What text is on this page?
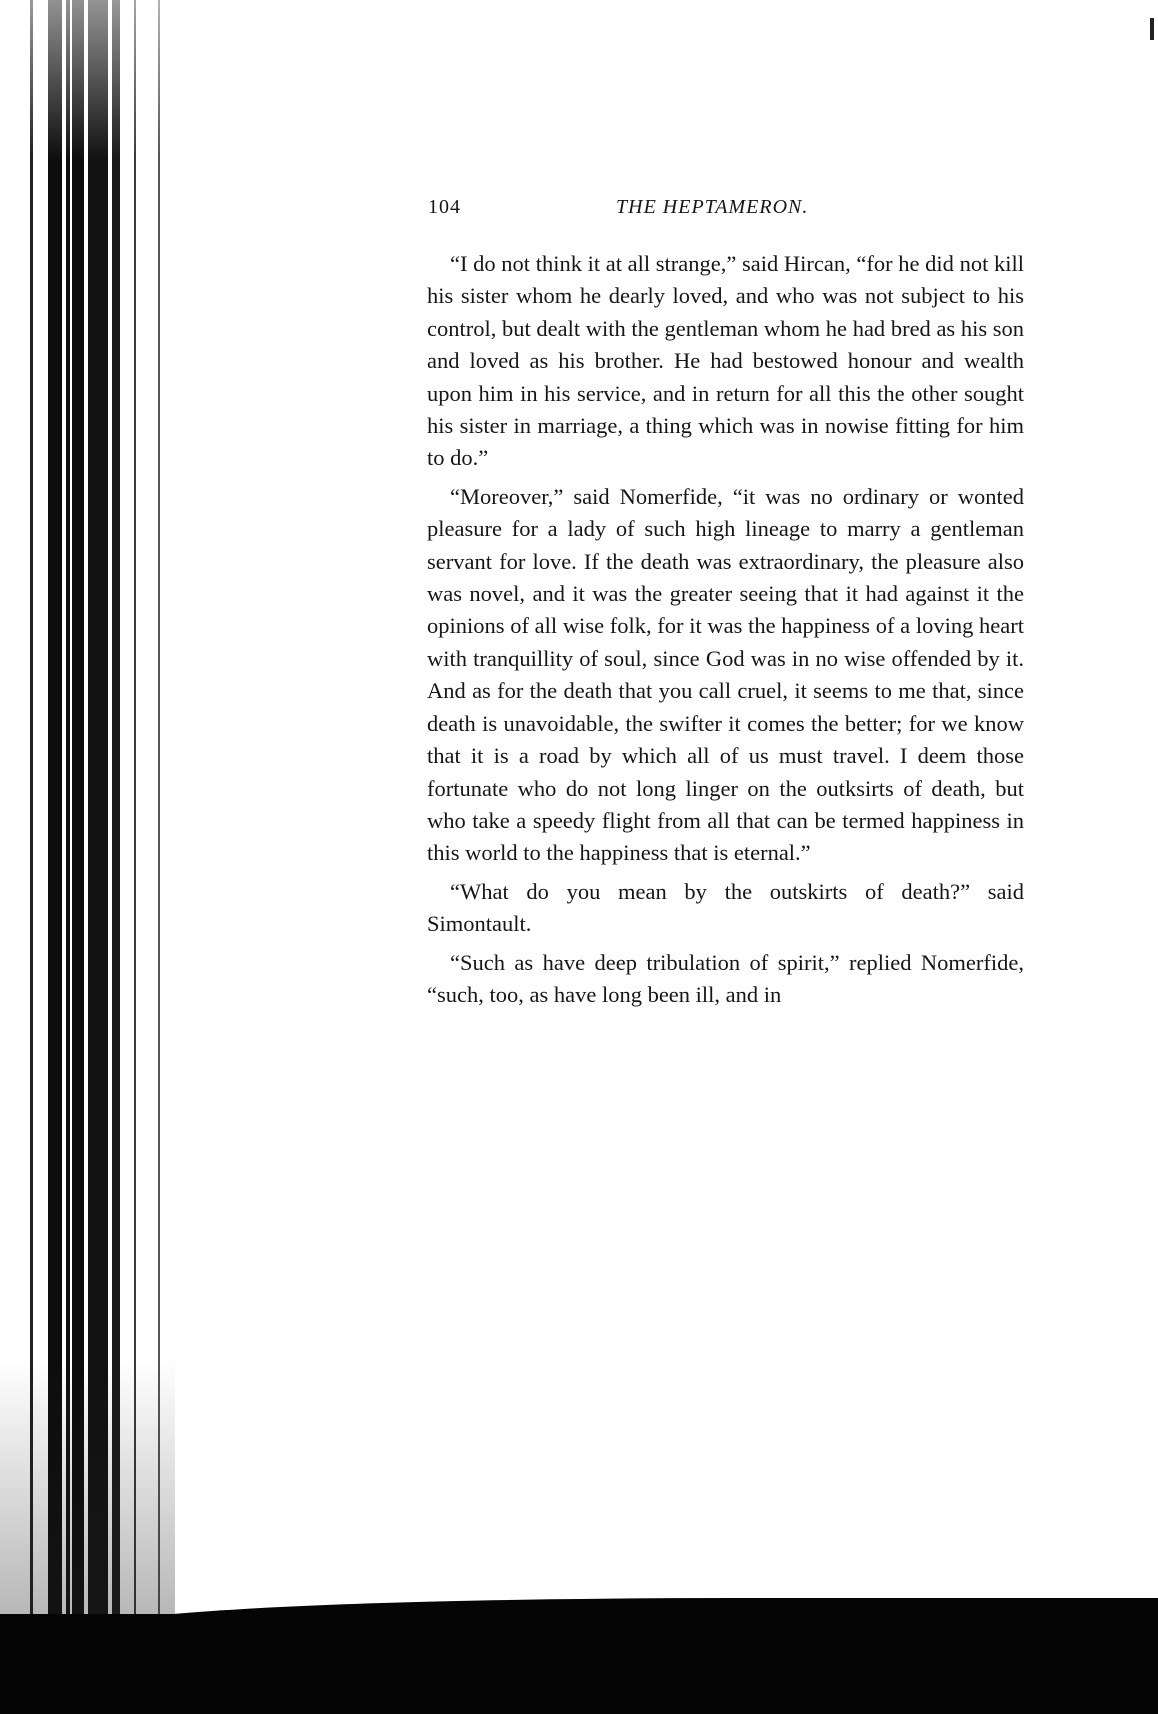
104	THE HEPTAMERON.

“I do not think it at all strange,” said Hircan, “for he did not kill his sister whom he dearly loved, and who was not subject to his control, but dealt with the gentleman whom he had bred as his son and loved as his brother. He had bestowed honour and wealth upon him in his service, and in return for all this the other sought his sister in marriage, a thing which was in nowise fitting for him to do.”

“Moreover,” said Nomerfide, “it was no ordinary or wonted pleasure for a lady of such high lineage to marry a gentleman servant for love. If the death was extraordinary, the pleasure also was novel, and it was the greater seeing that it had against it the opinions of all wise folk, for it was the happiness of a loving heart with tranquillity of soul, since God was in no wise offended by it. And as for the death that you call cruel, it seems to me that, since death is unavoidable, the swifter it comes the better; for we know that it is a road by which all of us must travel. I deem those fortunate who do not long linger on the outksirts of death, but who take a speedy flight from all that can be termed happiness in this world to the happiness that is eternal.”

“What do you mean by the outskirts of death?” said Simontault.

“Such as have deep tribulation of spirit,” replied Nomerfide, “such, too, as have long been ill, and in
